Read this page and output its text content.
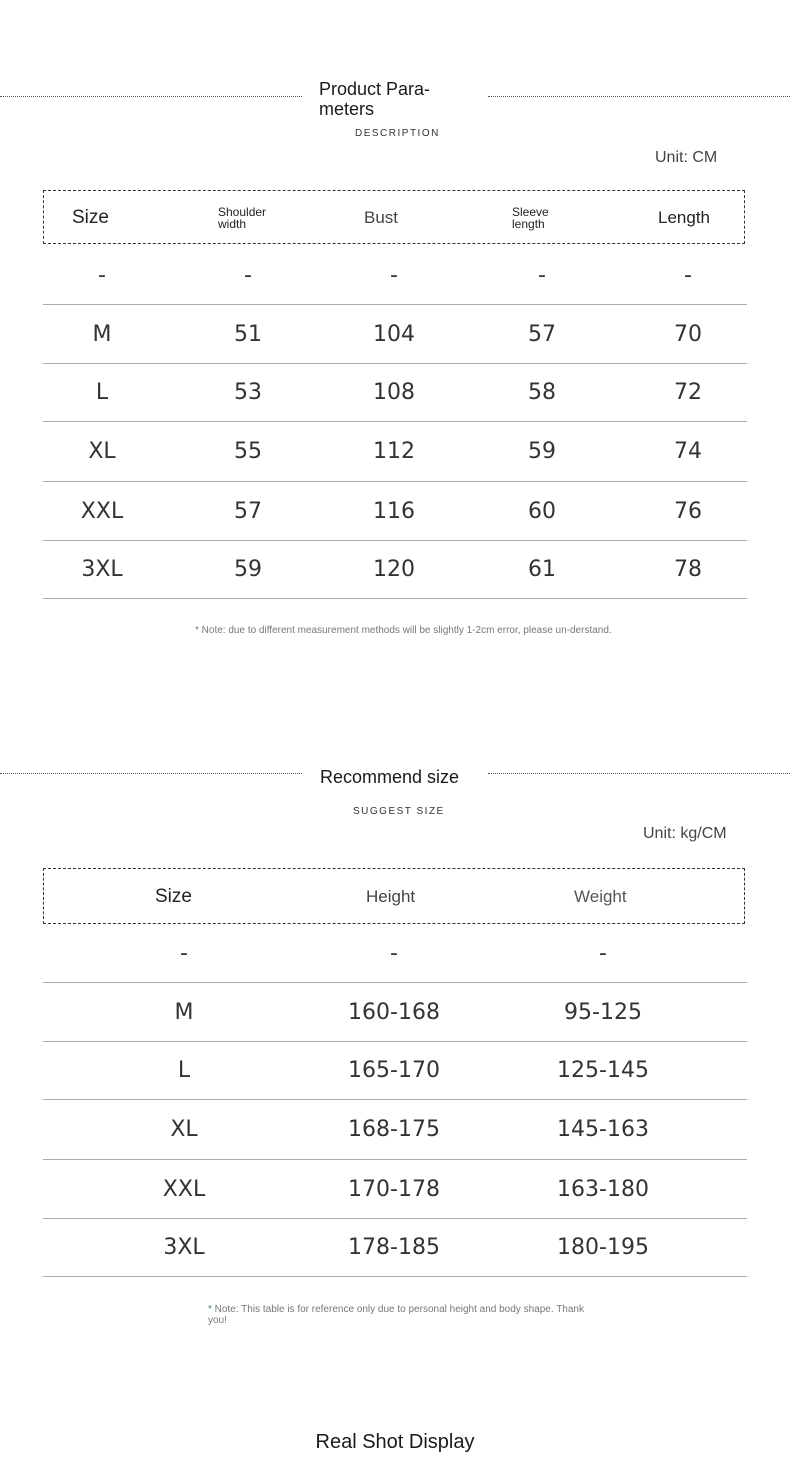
Product Para-meters
DESCRIPTION
Unit: CM
Size	Shoulder width	Bust	Sleeve length	Length
-	-	-	-	-
M	51	104	57	70
L	53	108	58	72
XL	55	112	59	74
XXL	57	116	60	76
3XL	59	120	61	78
* Note: due to different measurement methods will be slightly 1-2cm error, please un-derstand.
Recommend size
SUGGEST SIZE
Unit: kg/CM
Size	Height	Weight
-	-	-
M	160-168	95-125
L	165-170	125-145
XL	168-175	145-163
XXL	170-178	163-180
3XL	178-185	180-195
* Note: This table is for reference only due to personal height and body shape. Thank you!
Real Shot Display
